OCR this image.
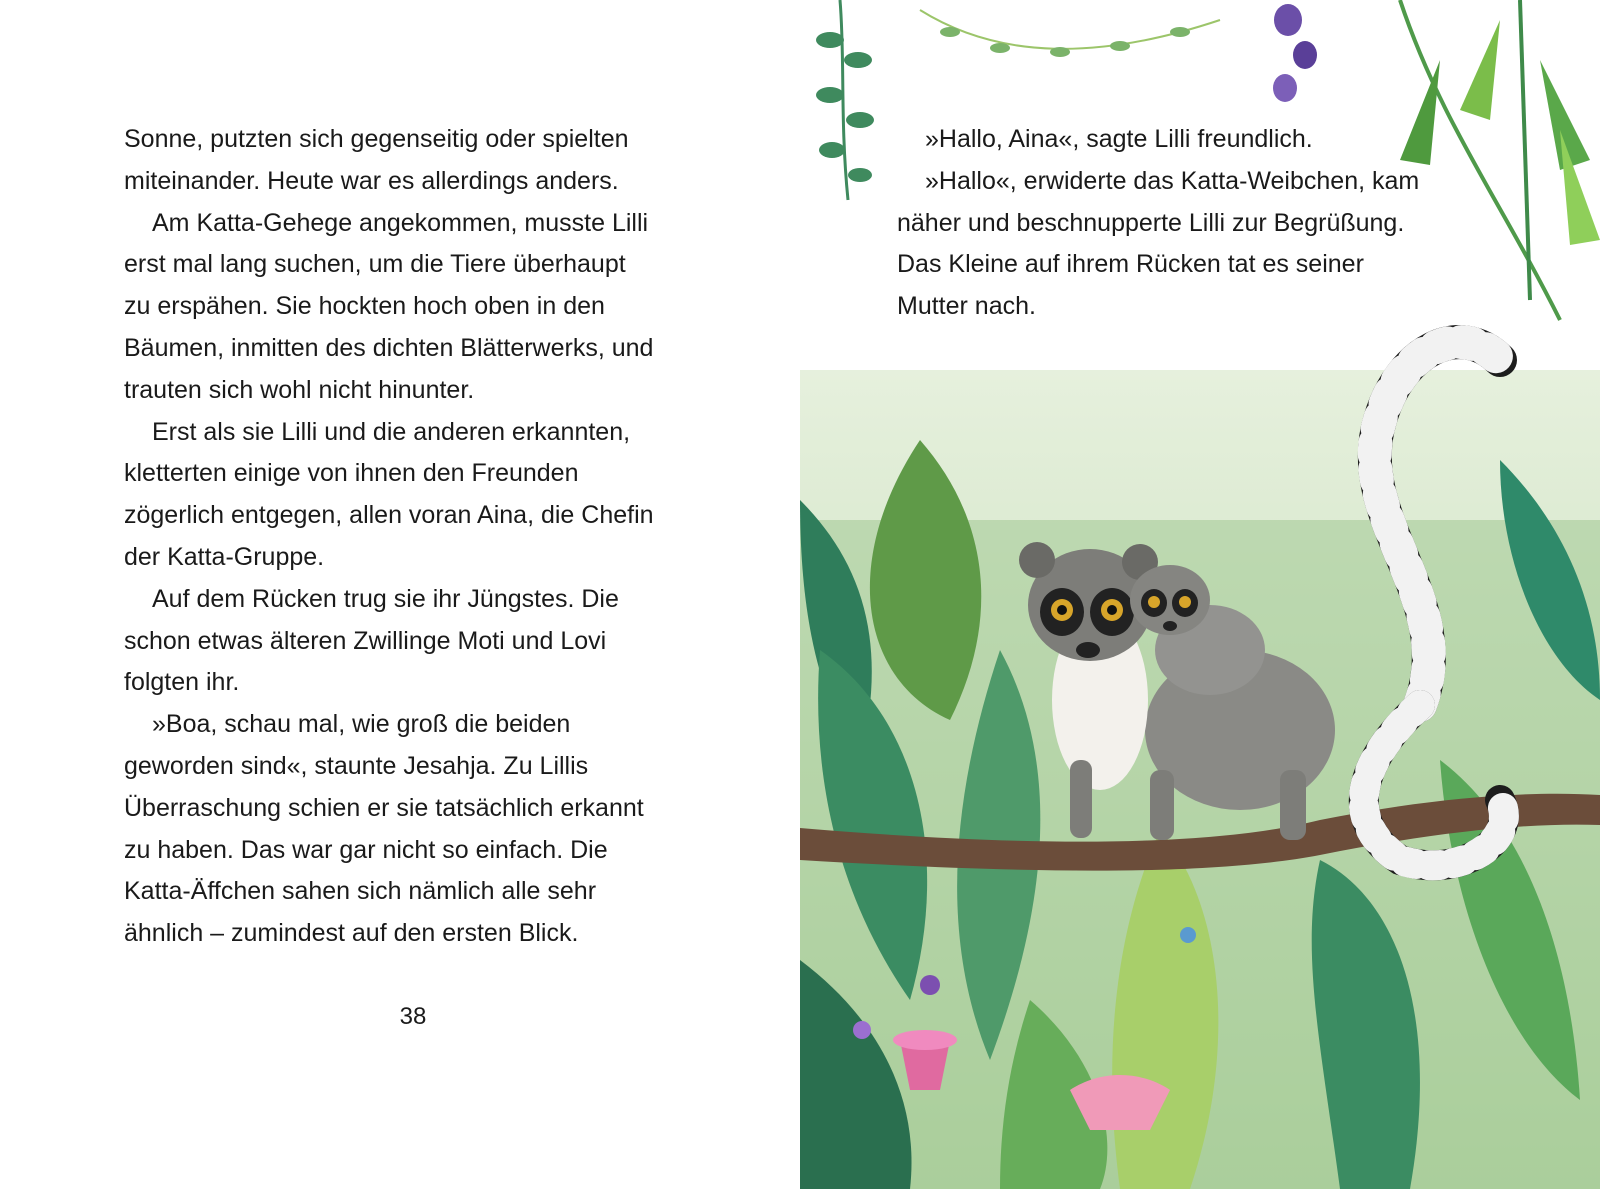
Sonne, putzten sich gegenseitig oder spielten
miteinander. Heute war es allerdings anders.
Am Katta-Gehege angekommen, musste Lilli
erst mal lang suchen, um die Tiere überhaupt
zu erspähen. Sie hockten hoch oben in den
Bäumen, inmitten des dichten Blätterwerks, und
trauten sich wohl nicht hinunter.
Erst als sie Lilli und die anderen erkannten,
kletterten einige von ihnen den Freunden
zögerlich entgegen, allen voran Aina, die Chefin
der Katta-Gruppe.
Auf dem Rücken trug sie ihr Jüngstes. Die
schon etwas älteren Zwillinge Moti und Lovi
folgten ihr.
»Boa, schau mal, wie groß die beiden
geworden sind«, staunte Jesahja. Zu Lillis
Überraschung schien er sie tatsächlich erkannt
zu haben. Das war gar nicht so einfach. Die
Katta-Äffchen sahen sich nämlich alle sehr
ähnlich – zumindest auf den ersten Blick.
38
»Hallo, Aina«, sagte Lilli freundlich.
»Hallo«, erwiderte das Katta-Weibchen, kam
näher und beschnupperte Lilli zur Begrüßung.
Das Kleine auf ihrem Rücken tat es seiner
Mutter nach.
